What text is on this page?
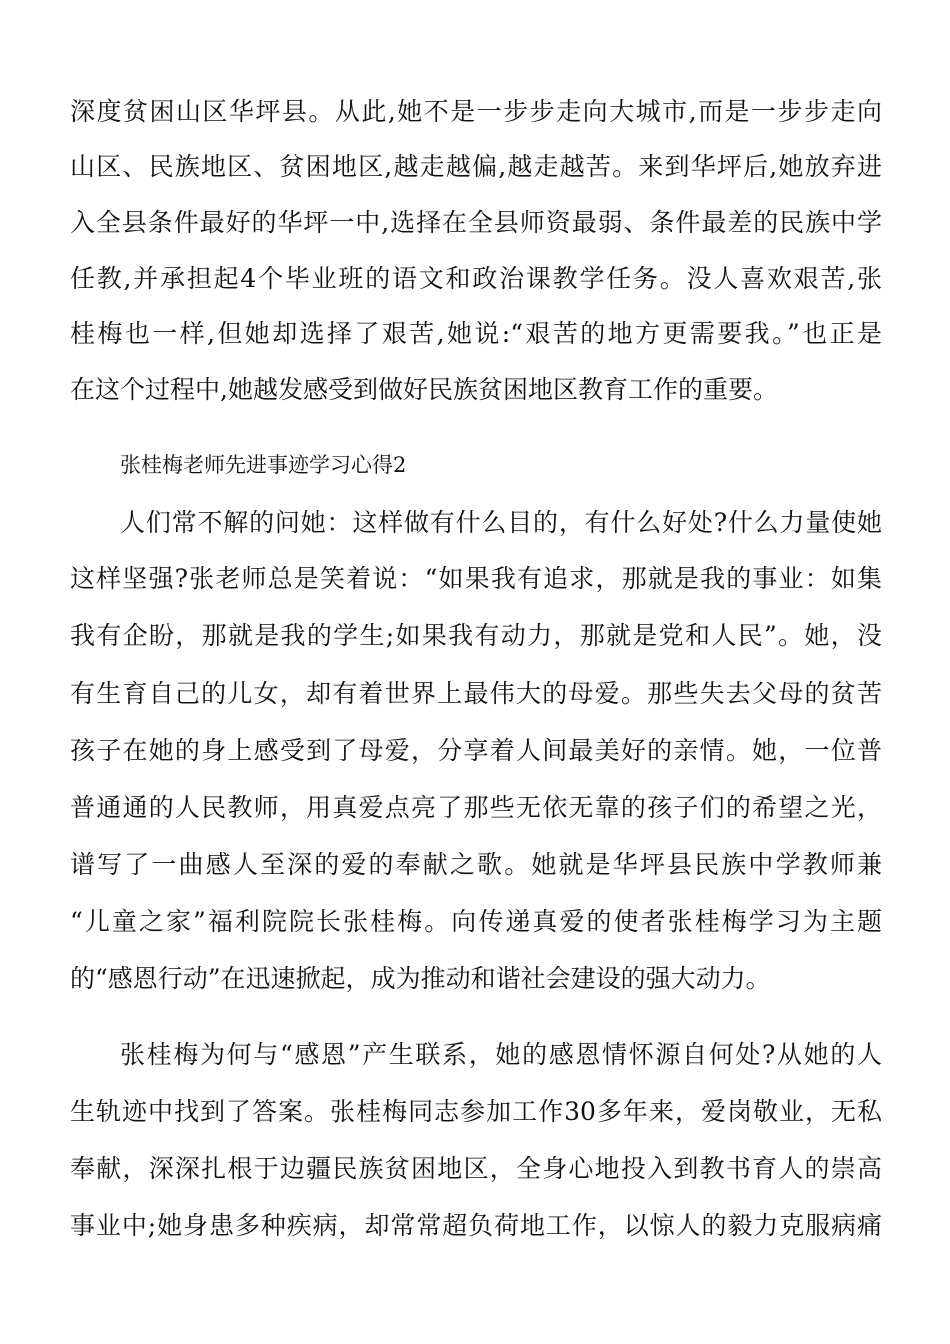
深度贫困山区华坪县。从此,她不是一步步走向大城市,而是一步步走向
山区、民族地区、贫困地区,越走越偏,越走越苦。来到华坪后,她放弃进
入全县条件最好的华坪一中,选择在全县师资最弱、条件最差的民族中学
任教,并承担起4个毕业班的语文和政治课教学任务。没人喜欢艰苦,张
桂梅也一样,但她却选择了艰苦,她说:“艰苦的地方更需要我。”也正是
在这个过程中,她越发感受到做好民族贫困地区教育工作的重要。
张桂梅老师先进事迹学习心得2
人们常不解的问她：这样做有什么目的，有什么好处?什么力量使她
这样坚强?张老师总是笑着说：“如果我有追求，那就是我的事业：如集
我有企盼，那就是我的学生;如果我有动力，那就是党和人民”。她，没
有生育自己的儿女，却有着世界上最伟大的母爱。那些失去父母的贫苦
孩子在她的身上感受到了母爱，分享着人间最美好的亲情。她，一位普
普通通的人民教师，用真爱点亮了那些无依无靠的孩子们的希望之光，
谱写了一曲感人至深的爱的奉献之歌。她就是华坪县民族中学教师兼
“儿童之家”福利院院长张桂梅。向传递真爱的使者张桂梅学习为主题
的“感恩行动”在迅速掀起，成为推动和谐社会建设的强大动力。
张桂梅为何与“感恩”产生联系，她的感恩情怀源自何处?从她的人
生轨迹中找到了答案。张桂梅同志参加工作30多年来，爱岗敬业，无私
奉献，深深扎根于边疆民族贫困地区，全身心地投入到教书育人的崇高
事业中;她身患多种疾病，却常常超负荷地工作，以惊人的毅力克服病痛
